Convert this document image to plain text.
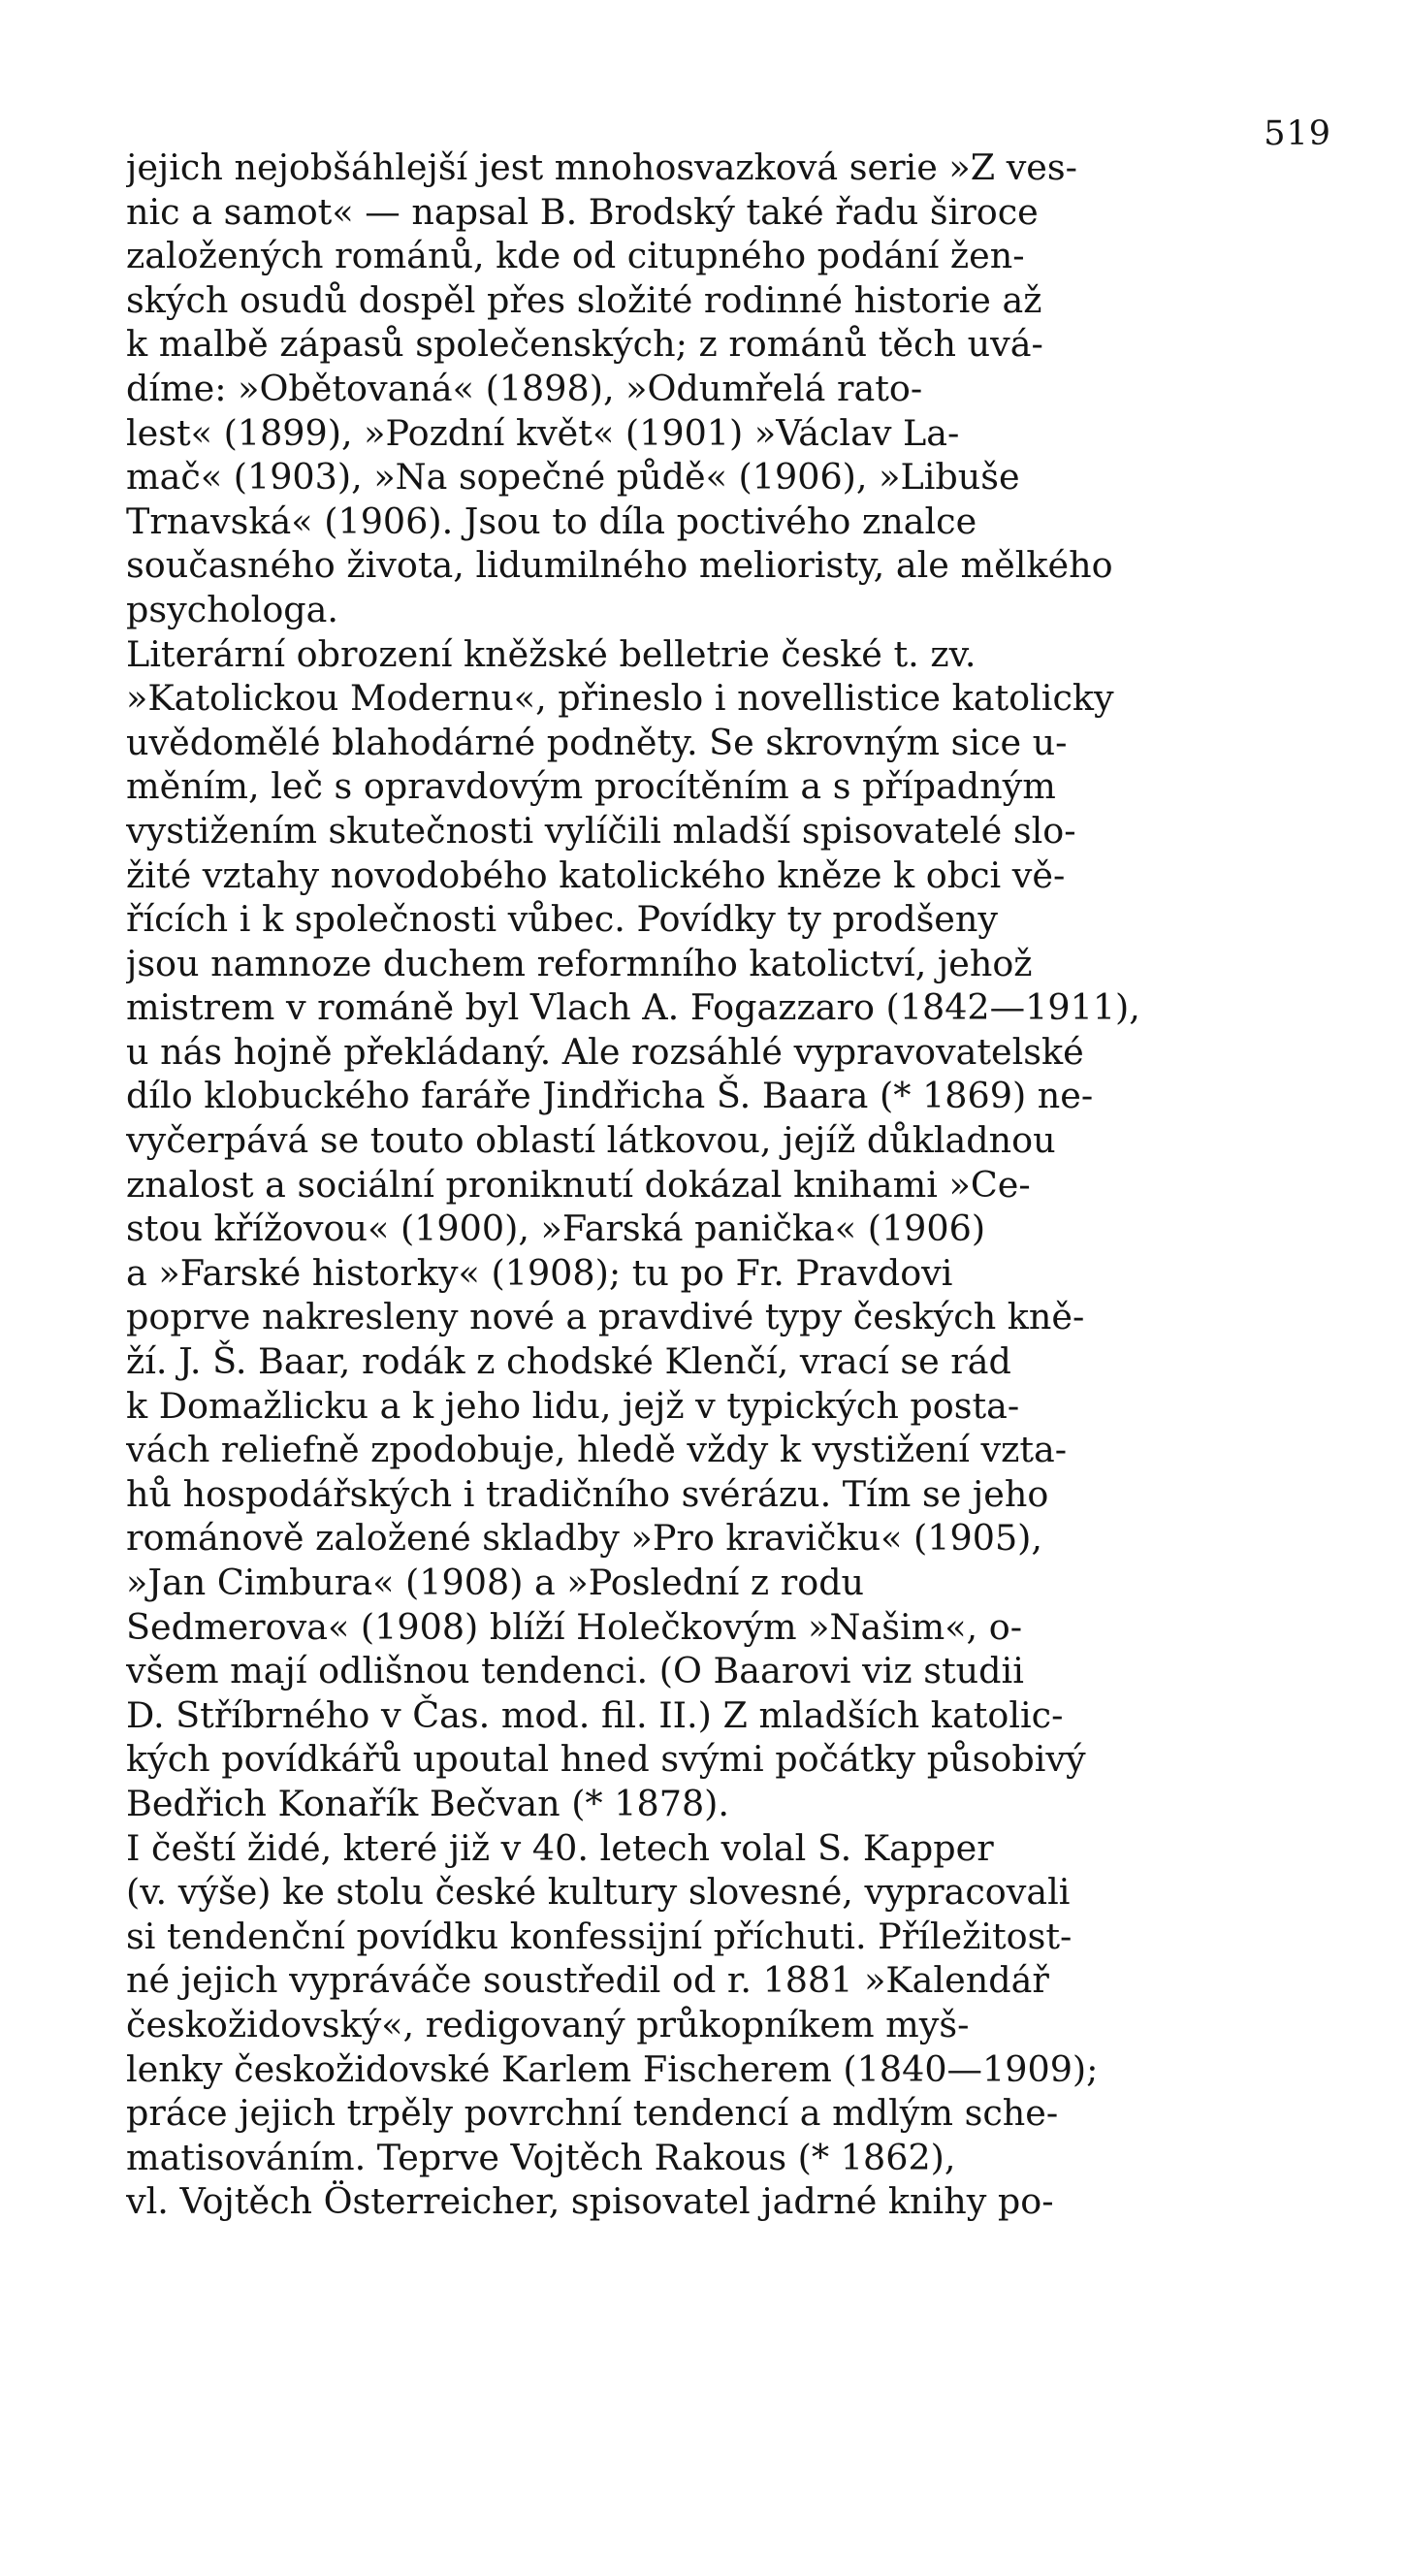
519
jejich nejobšáhlejší jest mnohosvazková serie »Z ves-
nic a samot« — napsal B. Brodský také řadu široce
založených románů, kde od citupného podání žen-
ských osudů dospěl přes složité rodinné historie až
k malbě zápasů společenských; z románů těch uvá-
díme: »Obětovaná« (1898), »Odumřelá rato-
lest« (1899), »Pozdní květ« (1901) »Václav La-
mač« (1903), »Na sopečné půdě« (1906), »Libuše
Trnavská« (1906). Jsou to díla poctivého znalce
současného života, lidumilného melioristy, ale mělkého
psychologa.
Literární obrození kněžské belletrie české t. zv.
»Katolickou Modernu«, přineslo i novellistice katolicky
uvědomělé blahodárné podněty. Se skrovným sice u-
měním, leč s opravdovým procítěním a s případným
vystižením skutečnosti vylíčili mladší spisovatelé slo-
žité vztahy novodobého katolického kněze k obci vě-
řících i k společnosti vůbec. Povídky ty prodšeny
jsou namnoze duchem reformního katolictví, jehož
mistrem v románě byl Vlach A. Fogazzaro (1842—1911),
u nás hojně překládaný. Ale rozsáhlé vypravovatelské
dílo klobuckého faráře Jindřicha Š. Baara (* 1869) ne-
vyčerpává se touto oblastí látkovou, jejíž důkladnou
znalost a sociální proniknutí dokázal knihami »Ce-
stou křížovou« (1900), »Farská panička« (1906)
a »Farské historky« (1908); tu po Fr. Pravdovi
poprve nakresleny nové a pravdivé typy českých kně-
ží. J. Š. Baar, rodák z chodské Klenčí, vrací se rád
k Domažlicku a k jeho lidu, jejž v typických posta-
vách reliefně zpodobuje, hledě vždy k vystižení vzta-
hů hospodářských i tradičního svérázu. Tím se jeho
románově založené skladby »Pro kravičku« (1905),
»Jan Cimbura« (1908) a »Poslední z rodu
Sedmerova« (1908) blíží Holečkovým »Našim«, o-
všem mají odlišnou tendenci. (O Baarovi viz studii
D. Stříbrného v Čas. mod. fil. II.) Z mladších katolic-
kých povídkářů upoutal hned svými počátky působivý
Bedřich Konařík Bečvan (* 1878).
I čeští židé, které již v 40. letech volal S. Kapper
(v. výše) ke stolu české kultury slovesné, vypracovali
si tendenční povídku konfessijní příchuti. Příležitost-
né jejich vypráváče soustředil od r. 1881 »Kalendář
českožidovský«, redigovaný průkopníkem myš-
lenky českožidovské Karlem Fischerem (1840—1909);
práce jejich trpěly povrchní tendencí a mdlým sche-
matisováním. Teprve Vojtěch Rakous (* 1862),
vl. Vojtěch Österreicher, spisovatel jadrné knihy po-
